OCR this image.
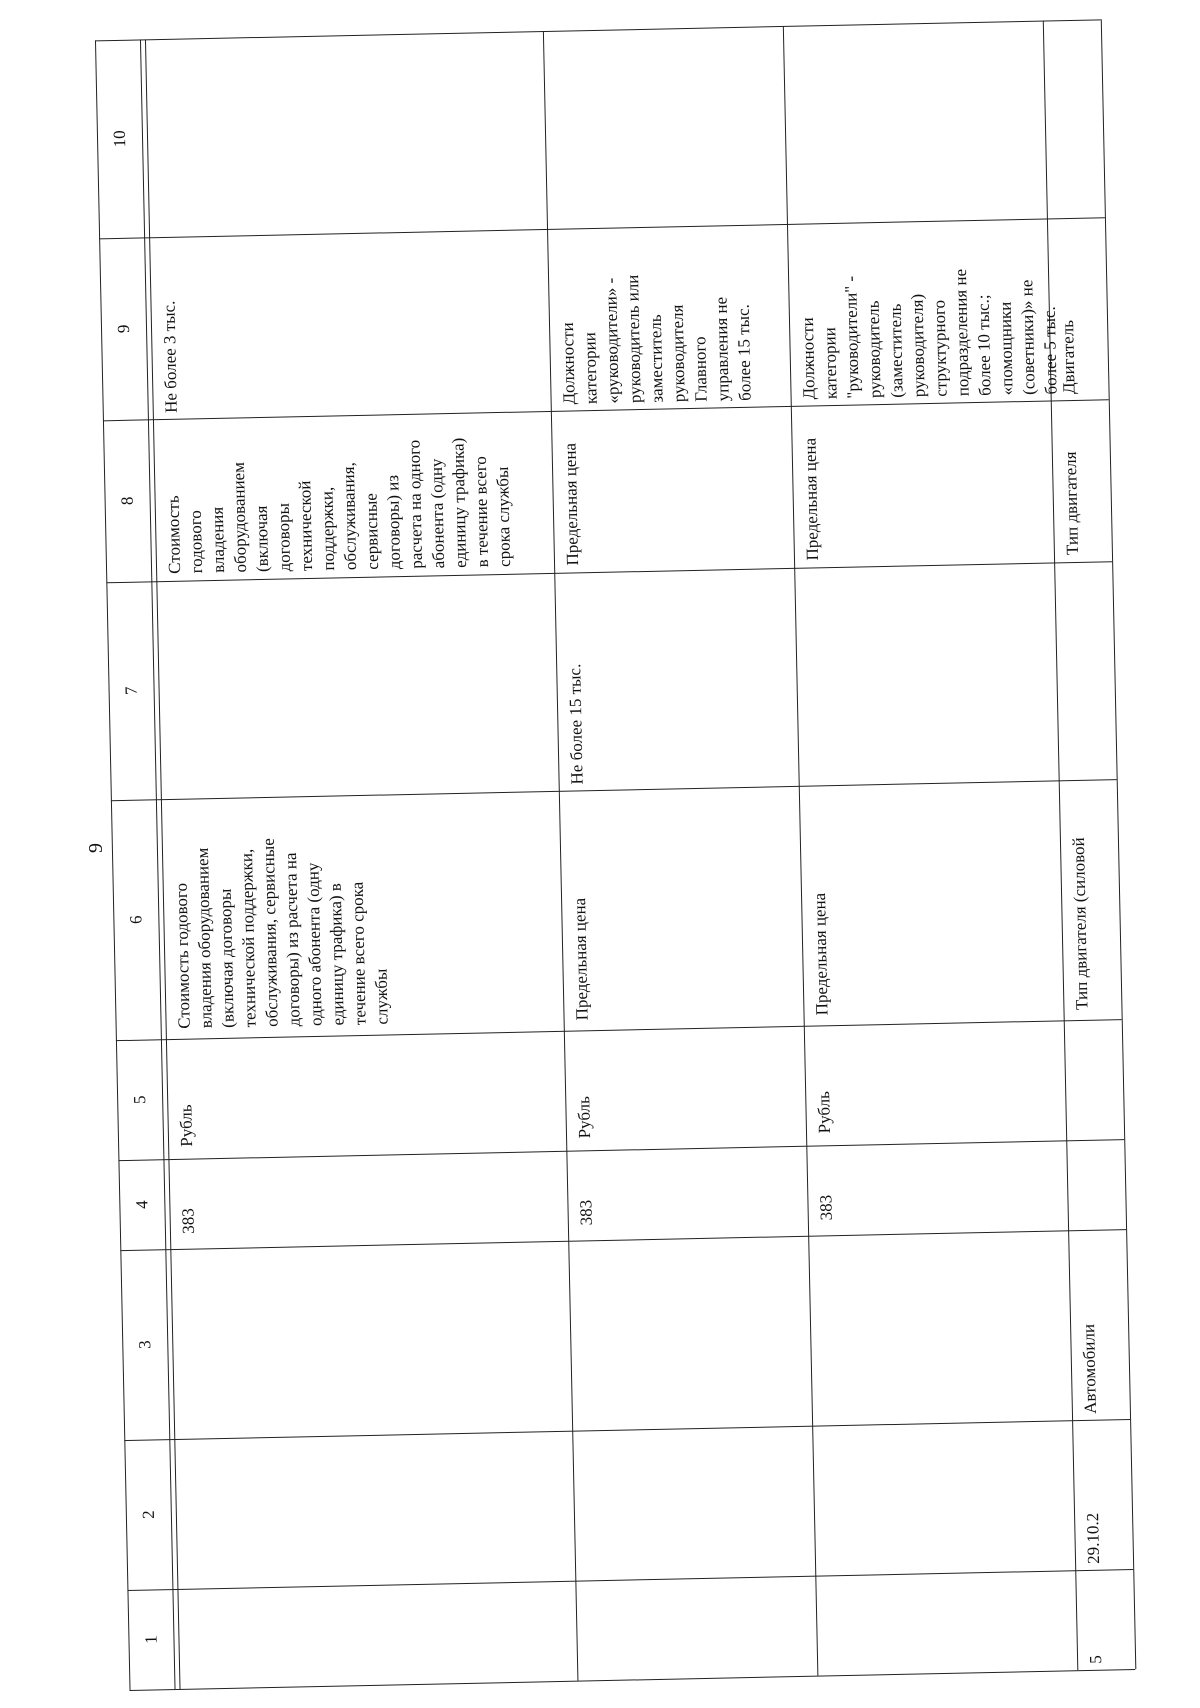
9
1
2
3
4
5
6
7
8
9
10
383
Рубль
Стоимость годового владения оборудованием (включая договоры технической поддержки, обслуживания, сервисные договоры) из расчета на одного абонента (одну единицу трафика) в течение всего срока службы
Стоимость годового владения оборудованием (включая договоры технической поддержки, обслуживания, сервисные договоры) из расчета на одного абонента (одну единицу трафика) в течение всего срока службы
Не более 3 тыс.
383
Рубль
Предельная цена
Не более 15 тыс.
Предельная цена
Должности категории «руководители» - руководитель или заместитель руководителя Главного управления не более 15 тыс.
383
Рубль
Предельная цена
Предельная цена
Должности категории "руководители" - руководитель (заместитель руководителя) структурного подразделения не более 10 тыс.; «помощники (советники)» не более 5 тыс.
5
29.10.2
Автомобили
Тип двигателя (силовой
Тип двигателя
Двигатель
